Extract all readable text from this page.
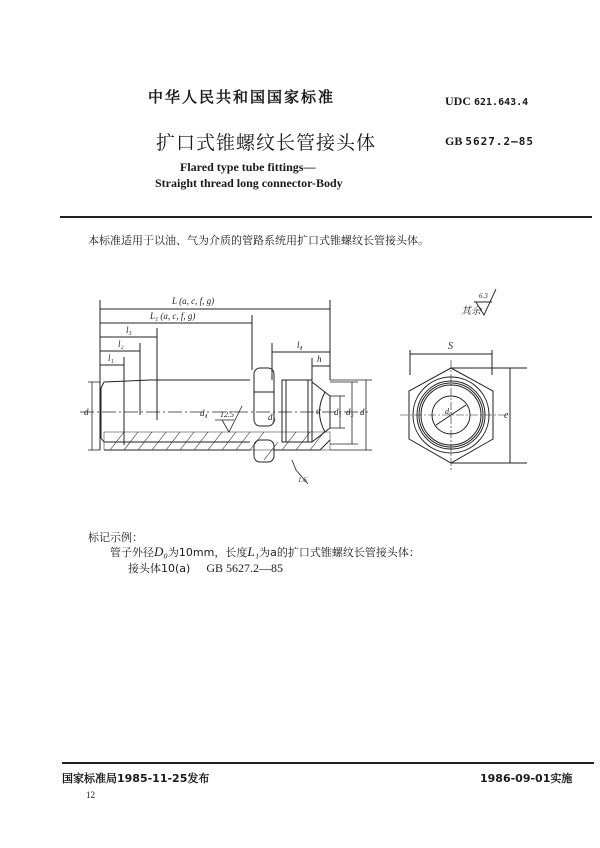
中华人民共和国国家标准	UDC 621.643.4
扩口式锥螺纹长管接头体	GB 5627.2—85
Flared type tube fittings—
Straight thread long connector-Body
本标准适用于以油、气为介质的管路系统用扩口式锥螺纹长管接头体。
L (a, c, f, g)
L₁ (a, c, f, g)
l₃
l₂
l₁
l₄
h
d	d₄	d₃
α d₁ d₂ d
12.5
1.6
其余
6.3
S
e
d₀
标记示例：
管子外径D₀为10mm，长度L₁为a的扩口式锥螺纹长管接头体：
接头体10(a) GB 5627.2—85
国家标准局1985-11-25发布	1986-09-01实施
12
